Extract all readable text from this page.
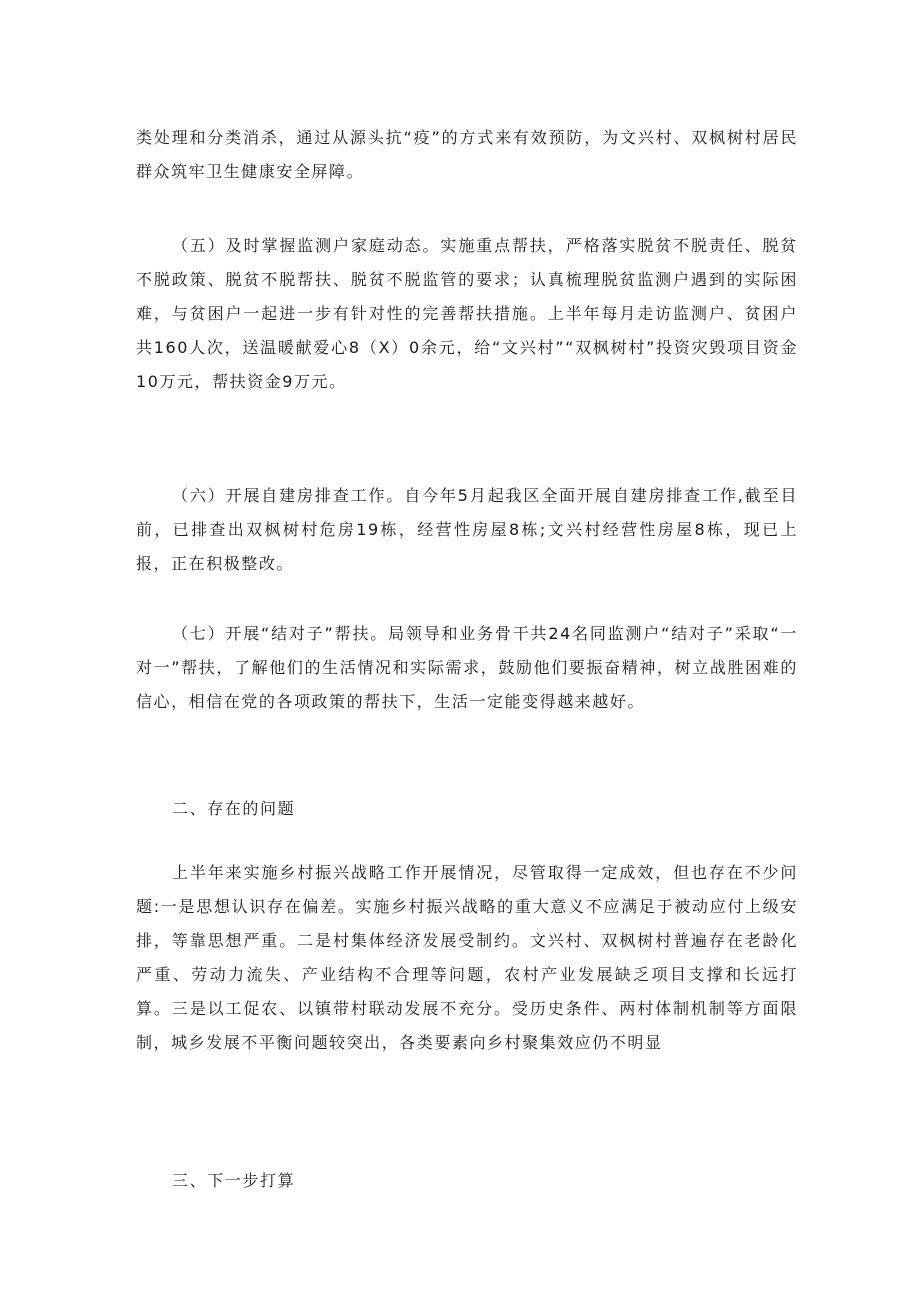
类处理和分类消杀，通过从源头抗“疫”的方式来有效预防，为文兴村、双枫树村居民群众筑牢卫生健康安全屏障。

（五）及时掌握监测户家庭动态。实施重点帮扶，严格落实脱贫不脱责任、脱贫不脱政策、脱贫不脱帮扶、脱贫不脱监管的要求；认真梳理脱贫监测户遇到的实际困难，与贫困户一起进一步有针对性的完善帮扶措施。上半年每月走访监测户、贫困户共160人次，送温暖献爱心8（X）0余元，给“文兴村”“双枫树村”投资灾毁项目资金10万元，帮扶资金9万元。

（六）开展自建房排查工作。自今年5月起我区全面开展自建房排查工作,截至目前，已排查出双枫树村危房19栋，经营性房屋8栋;文兴村经营性房屋8栋，现已上报，正在积极整改。

（七）开展“结对子”帮扶。局领导和业务骨干共24名同监测户“结对子”采取“一对一”帮扶，了解他们的生活情况和实际需求，鼓励他们要振奋精神，树立战胜困难的信心，相信在党的各项政策的帮扶下，生活一定能变得越来越好。

二、存在的问题

上半年来实施乡村振兴战略工作开展情况，尽管取得一定成效，但也存在不少问题:一是思想认识存在偏差。实施乡村振兴战略的重大意义不应满足于被动应付上级安排，等靠思想严重。二是村集体经济发展受制约。文兴村、双枫树村普遍存在老龄化严重、劳动力流失、产业结构不合理等问题，农村产业发展缺乏项目支撑和长远打算。三是以工促农、以镇带村联动发展不充分。受历史条件、两村体制机制等方面限制，城乡发展不平衡问题较突出，各类要素向乡村聚集效应仍不明显

三、下一步打算
